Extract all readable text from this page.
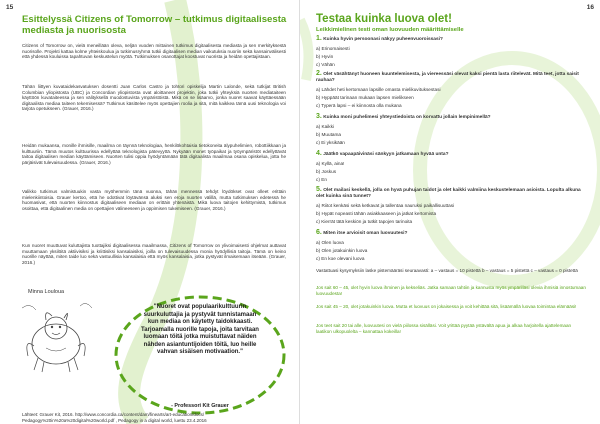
15
Esittelyssä Citizens of Tomorrow – tutkimus digitaalisesta mediasta ja nuorisosta

Citizens of Tomorrow on, vielä meneillään oleva, neljän vuoden mittainen tutkimus digitaalisesta mediasta ja sen merkityksestä nuorisolle. Projekti kattaa kolme yhteiskoulua ja tutkimusryhmä tutkii digitaalisen median vaikutuksia nuoriin sekä kansainvälisesti että yhdessä kouluissa tapahtuvan keskustelun myötä. Tutkimuksen osanottajat koostuvat nuorista ja heidän opettajistaan.

Tähän liittyen kuvataidekasvatuksen dosentti Juan Carlos Castro ja tohtori opiskelija Martin Lalonde, sekä tutkijat British Columbian yliopistosta (UBC) ja Concordian yliopistosta ovat aloittaneet projektin, joka tutkii yhteyksiä nuorten mediataiteen käyttöön kuvataiteessa ja sen välityksellä muodostuvista ympäristöistä. Mikä on se lisäarvo, jonka nuoret saavat käyttäessään digitaalista mediaa taiteen tekemisessä? Tutkimus käsittelee myös opettajien roolia ja sitä, mitä kaikkea tämä uusi teknologia voi tarjota opetukseen. (Grauer, 2016.)

Heidän mukaansa, monille ihmisille, maailma on täynnä teknologiaa, henkilökohtaisia tietokoneita älypuhelimien, robottiikkaan ja kulttuuriin. Tämä muutos kulttuurissa edellyttää teknologista pätevyyttä. Nykyään monet työpaikat ja työympäristöt edellyttävät taitoa digitaalisen median käyttämiseen. Nuorten tulisi oppia hyödyntämään tätä digitaalista maailmaa osana opiskelua, jotta he pärjäisivät tulevaisuudessa. (Grauer, 2016.)

Valikko tutkimus valmistuukin vasta myöhemmin tänä vuonna, tähän mennessä tehdyt löydökset ovat olleet erittäin mielenkiintoisia. Grauer kertoo, että he odottivat löytävänsä aluksi sen eroja nuorten välillä, mutta tutkimuksen edetessä he huomasivat, että nuorten kiinnostus digitaaliseen mediaan on erittäin yhtenäistä. Mikä luova taitojen kehittymistä, tutkimus osoittaa, että digitaalinen media on opettajien välineeseen ja oppimisen tukemiseen. (Grauer, 2016.)

Kun nuoret muuttuvat kuluttajista tuottajiksi digitaalisessa maailmassa, Citizens of Tomorrow on ylivoimaisesti ohjelmat auttavat muuttamaan yksilöitä aktiivisiksi ja kriittisiksi kansalaisiksi, joilla on tulevaisuudessa monia hyödyllisiä taitoja. Tämä on keino nuorille näyttää, miten taide luo sekä vastuullisia kansalaisia että myös kansalaisia, jotka pystyvät ilmaisemaan itseään. (Grauer, 2016.)

Minna Louloua
"Nuoret ovat populaarikulttuurin suurkuluttajia ja pystyvät tunnistamaan kun mediaa on käytetty taidokkaasti. Tarjoamalla nuorille tapoja, joita tarvitaan luomaan töitä jotka muistuttavat näiden nähden asiantuntijoiden töitä, luo heille vahvan sisäisen motivaation."
- Professori Kit Grauer
Lähteet: Grauer Kit, 2016. http://www.concordia.ca/content/dam/finearts/art-education/docs/ Pedagogy%20in%20a%20digital%20world.pdf , Pedagogy in a digital world, luettu 23.4.2016
16
Testaa kuinka luova olet!
Leikkimielinen testi oman luovuuden määrittämiselle
1. Kuinka hyvin persoonasi näkyy puheenvuoroissasi?
a) Erinomaisesti
b) Hyvin
c) Vähän
2. Olet väsähtänyt huoneen kuuntelemisesta, ja viereessäsi olevat kaksi pientä lasta riitelevät. Mitä teet, jotta saisit rauhaa?
a) Lähdet heti kertomaan lapsille omasta mielikuvituksestasi
b) Hyppäät tarinaan mukaan lapsen mielikseen
c) Typerä lapsi – ei kiinnosta olla mukana
3. Kuinka moni puhelimesi yhteystiedoista on korvattu jollain lempinimellä?
a) Kaikki
b) Muutama
c) Ei yksikään
4. Jäätkö vapaapäivinäsi sänkyyn jatkamaan hyvää unta?
a) Kyllä, aina!
b) Joskus
c) En
5. Olet mailasi keskellä, jolla on hyvä puhujan taidot ja olet kaikki valmiina keskustelemaan asioista. Lopulta alkuna olet kuinka sinä tunnet?
a) Riitot kenkäsi sekä ketkavat ja tallentaa nauruksi paikallisuuttasi
b) Hypät nopeasti tähän asiakkaaseen ja jatkat kertomista
c) Kierrät tätä keskiön ja tutkit tapojen tarinoita
6. Miten itse arvioisit oman luovuutesi?
a) Olen luova
b) Olen jotakuinkin luova
c) En koe olevani luova
Vastattuasi kysymyksiin laske pistemääräsi seuraavasti: a – vastaus = 10 pistettä b – vastaus = 5 pistettä c – vastaus = 0 pistettä
Jos sait 60 – 45, olet hyvin luova ihminen ja kekseliäs. Jatka samaan tahtiin ja kannusta myös ympärilläsi olevia ihmisiä innostumaan luovuudesta!
Jos sait 45 – 20, olet jotakuinkin luova. Mutta et luovuus on jokaisessa ja voit kehittää sitä, lisäämällä luovaa toimintaa elämääsi!
Jos teet sait 20 tai alle, luovuutesi on vielä piilossa sisälläsi. Voit yrittää pyytää ystävältä apua ja alkaa harjoitella ajattelemaan laatikon ulkopuolelta – kannattaa kokeilla!
